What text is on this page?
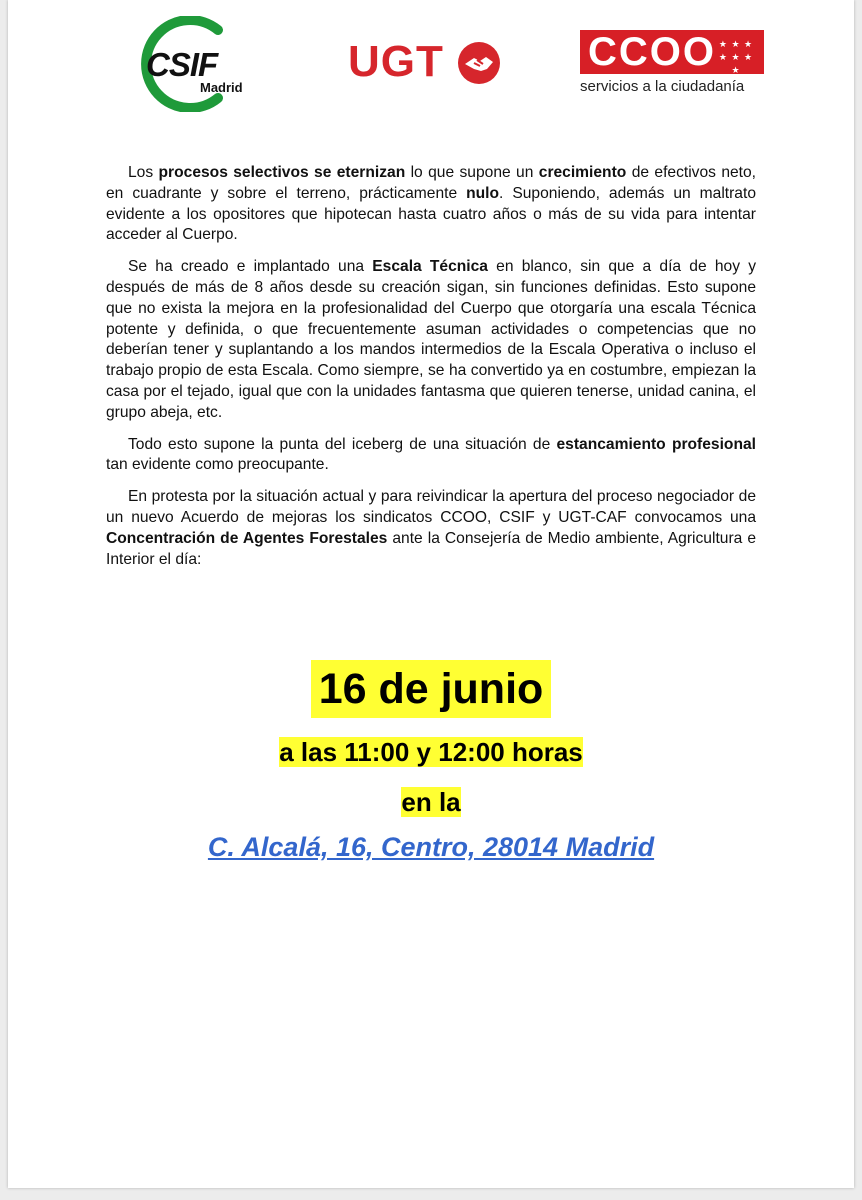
CSIF
Madrid
UGT	CCOO ★ ★ ★ ★ ★ ★ ★
servicios a la ciudadanía

Los procesos selectivos se eternizan lo que supone un crecimiento de efectivos neto, en cuadrante y sobre el terreno, prácticamente nulo. Suponiendo, además un maltrato evidente a los opositores que hipotecan hasta cuatro años o más de su vida para intentar acceder al Cuerpo.

Se ha creado e implantado una Escala Técnica en blanco, sin que a día de hoy y después de más de 8 años desde su creación sigan, sin funciones definidas. Esto supone que no exista la mejora en la profesionalidad del Cuerpo que otorgaría una escala Técnica potente y definida, o que frecuentemente asuman actividades o competencias que no deberían tener y suplantando a los mandos intermedios de la Escala Operativa o incluso el trabajo propio de esta Escala. Como siempre, se ha convertido ya en costumbre, empiezan la casa por el tejado, igual que con la unidades fantasma que quieren tenerse, unidad canina, el grupo abeja, etc.

Todo esto supone la punta del iceberg de una situación de estancamiento profesional tan evidente como preocupante.

En protesta por la situación actual y para reivindicar la apertura del proceso negociador de un nuevo Acuerdo de mejoras los sindicatos CCOO, CSIF y UGT-CAF convocamos una Concentración de Agentes Forestales ante la Consejería de Medio ambiente, Agricultura e Interior el día:

16 de junio
a las 11:00 y 12:00 horas
en la
C. Alcalá, 16, Centro, 28014 Madrid
